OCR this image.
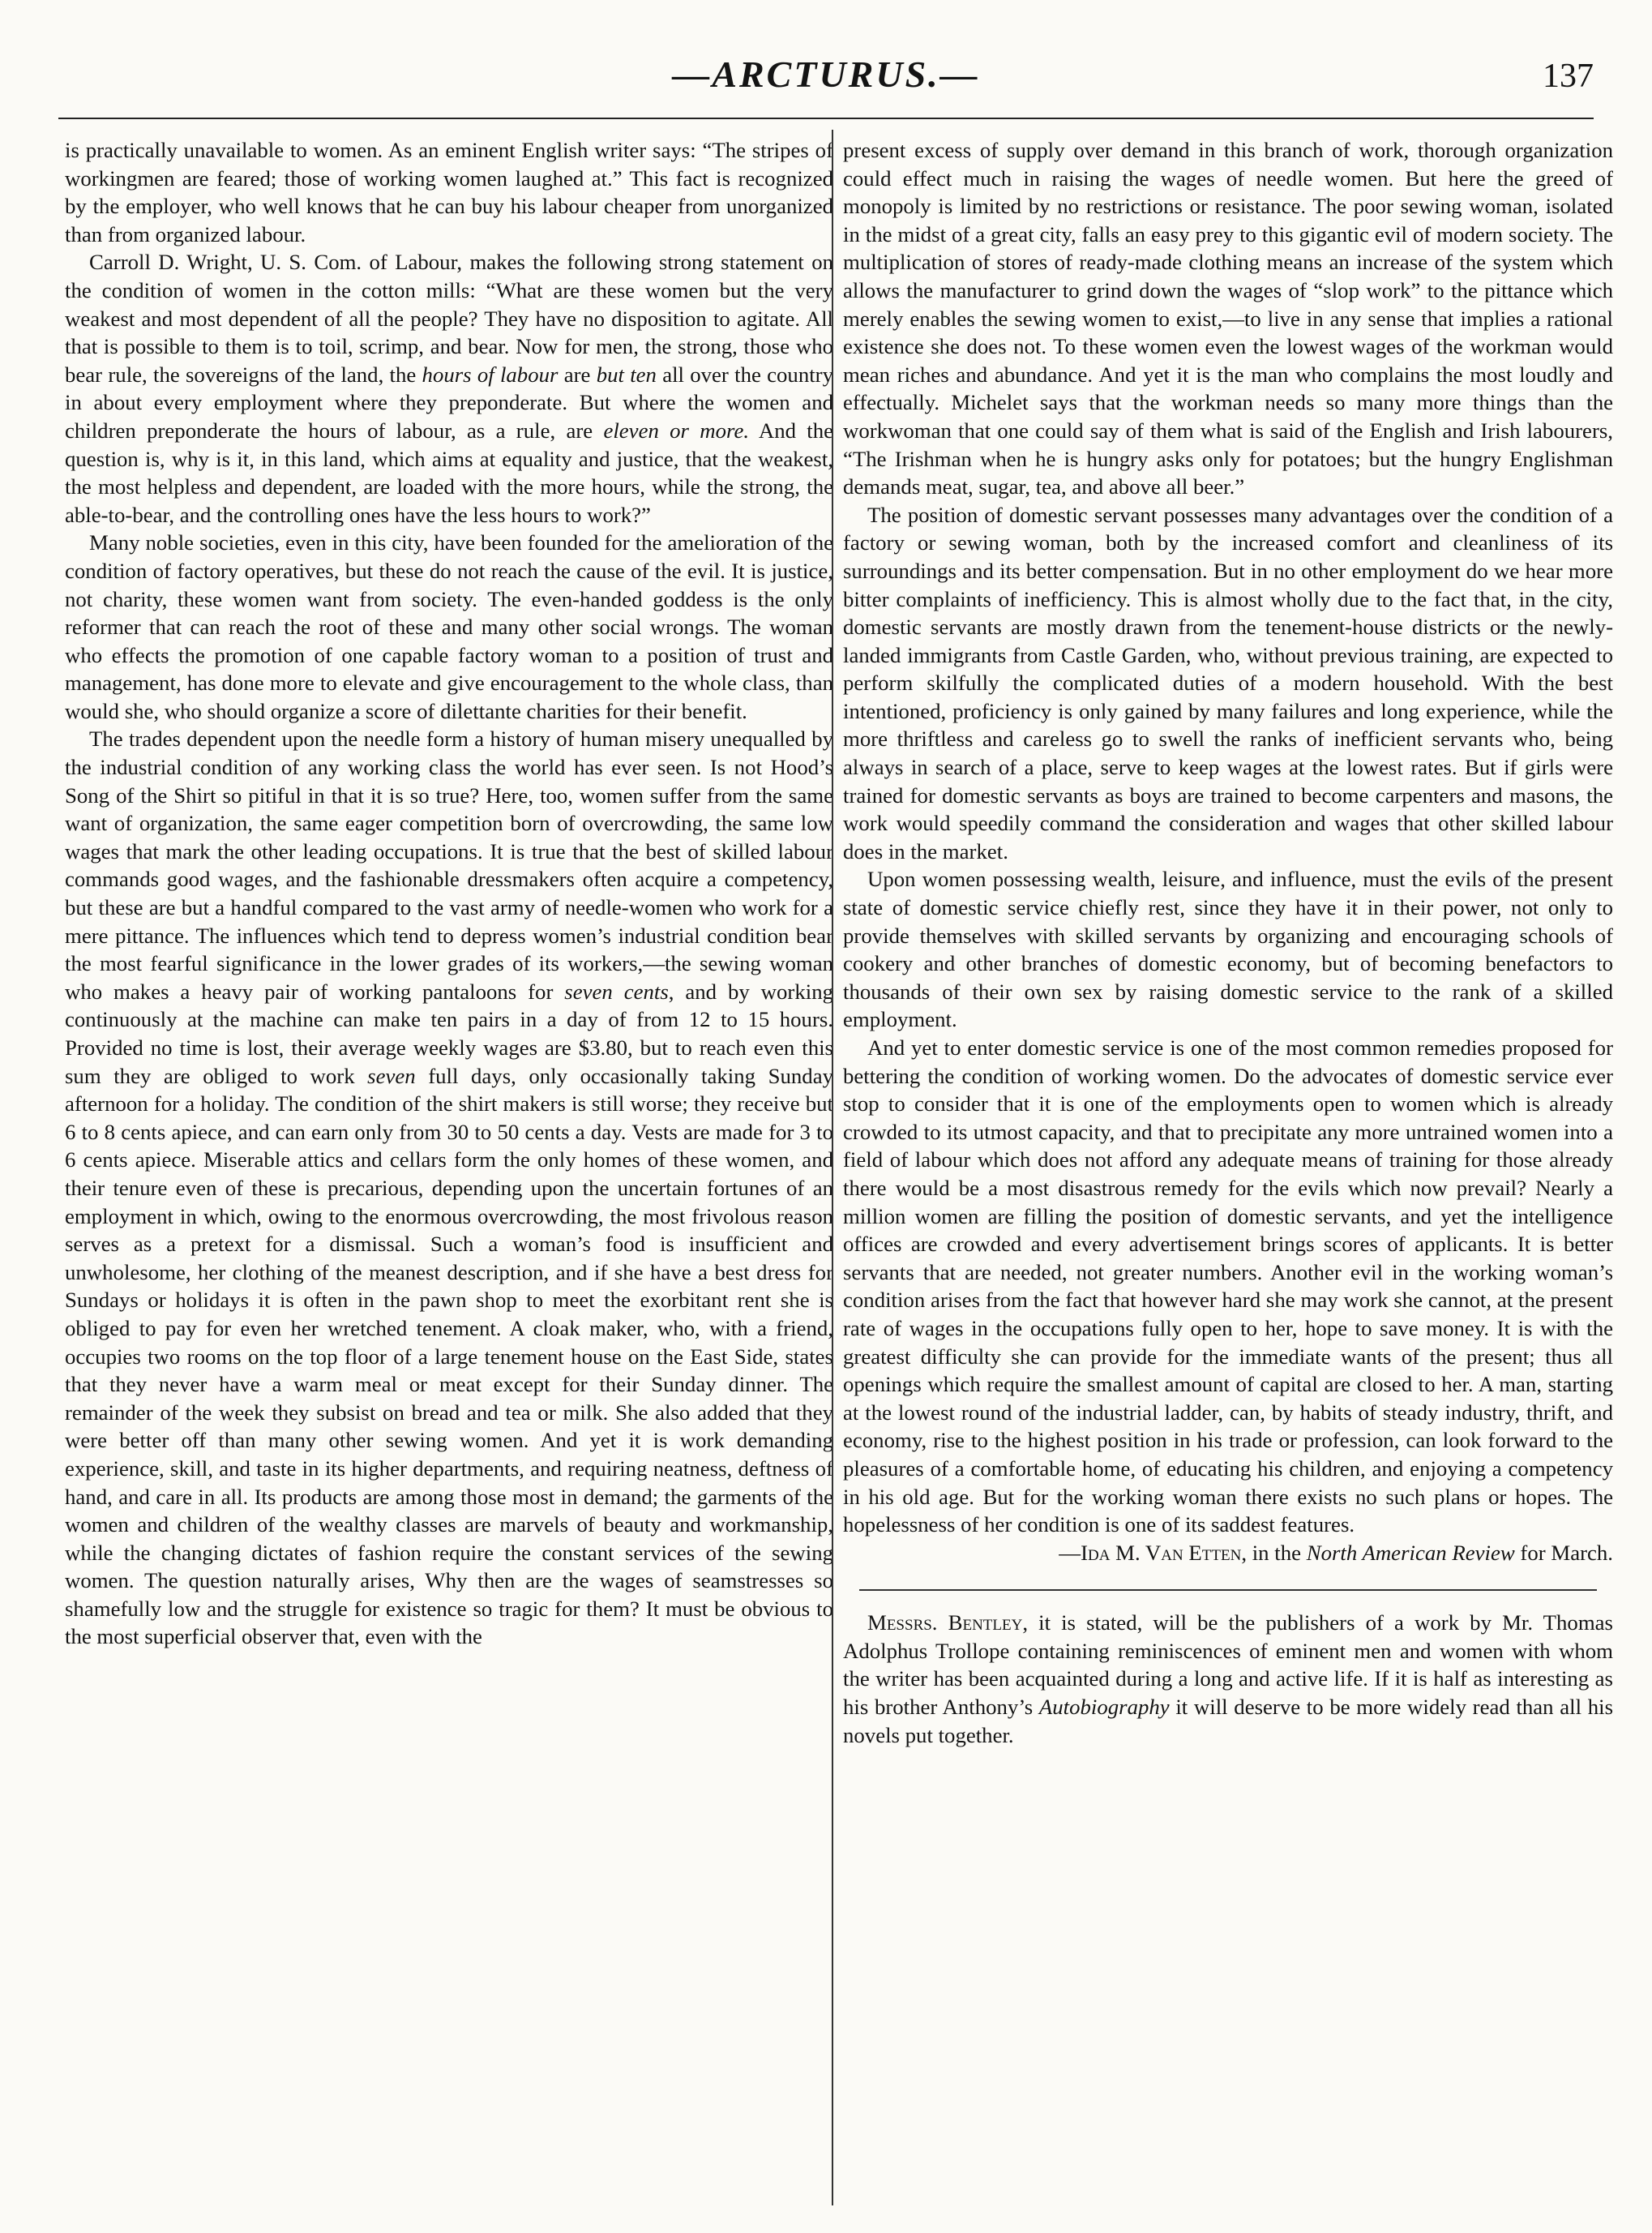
—ARCTURUS.—	137

is practically unavailable to women. As an eminent English writer says: “The stripes of workingmen are feared; those of working women laughed at.” This fact is recognized by the employer, who well knows that he can buy his labour cheaper from unorganized than from organized labour.

Carroll D. Wright, U. S. Com. of Labour, makes the following strong statement on the condition of women in the cotton mills: “What are these women but the very weakest and most dependent of all the people? They have no disposition to agitate. All that is possible to them is to toil, scrimp, and bear. Now for men, the strong, those who bear rule, the sovereigns of the land, the hours of labour are but ten all over the country in about every employment where they preponderate. But where the women and children preponderate the hours of labour, as a rule, are eleven or more. And the question is, why is it, in this land, which aims at equality and justice, that the weakest, the most helpless and dependent, are loaded with the more hours, while the strong, the able-to-bear, and the controlling ones have the less hours to work?”

Many noble societies, even in this city, have been founded for the amelioration of the condition of factory operatives, but these do not reach the cause of the evil. It is justice, not charity, these women want from society. The even-handed goddess is the only reformer that can reach the root of these and many other social wrongs. The woman who effects the promotion of one capable factory woman to a position of trust and management, has done more to elevate and give encouragement to the whole class, than would she, who should organize a score of dilettante charities for their benefit.

The trades dependent upon the needle form a history of human misery unequalled by the industrial condition of any working class the world has ever seen. Is not Hood’s Song of the Shirt so pitiful in that it is so true? Here, too, women suffer from the same want of organization, the same eager competition born of overcrowding, the same low wages that mark the other leading occupations. It is true that the best of skilled labour commands good wages, and the fashionable dressmakers often acquire a competency, but these are but a handful compared to the vast army of needle-women who work for a mere pittance. The influences which tend to depress women’s industrial condition bear the most fearful significance in the lower grades of its workers,—the sewing woman who makes a heavy pair of working pantaloons for seven cents, and by working continuously at the machine can make ten pairs in a day of from 12 to 15 hours. Provided no time is lost, their average weekly wages are $3.80, but to reach even this sum they are obliged to work seven full days, only occasionally taking Sunday afternoon for a holiday. The condition of the shirt makers is still worse; they receive but 6 to 8 cents apiece, and can earn only from 30 to 50 cents a day. Vests are made for 3 to 6 cents apiece. Miserable attics and cellars form the only homes of these women, and their tenure even of these is precarious, depending upon the uncertain fortunes of an employment in which, owing to the enormous overcrowding, the most frivolous reason serves as a pretext for a dismissal. Such a woman’s food is insufficient and unwholesome, her clothing of the meanest description, and if she have a best dress for Sundays or holidays it is often in the pawn shop to meet the exorbitant rent she is obliged to pay for even her wretched tenement. A cloak maker, who, with a friend, occupies two rooms on the top floor of a large tenement house on the East Side, states that they never have a warm meal or meat except for their Sunday dinner. The remainder of the week they subsist on bread and tea or milk. She also added that they were better off than many other sewing women. And yet it is work demanding experience, skill, and taste in its higher departments, and requiring neatness, deftness of hand, and care in all. Its products are among those most in demand; the garments of the women and children of the wealthy classes are marvels of beauty and workmanship, while the changing dictates of fashion require the constant services of the sewing women. The question naturally arises, Why then are the wages of seamstresses so shamefully low and the struggle for existence so tragic for them? It must be obvious to the most superficial observer that, even with the

present excess of supply over demand in this branch of work, thorough organization could effect much in raising the wages of needle women. But here the greed of monopoly is limited by no restrictions or resistance. The poor sewing woman, isolated in the midst of a great city, falls an easy prey to this gigantic evil of modern society. The multiplication of stores of ready-made clothing means an increase of the system which allows the manufacturer to grind down the wages of “slop work” to the pittance which merely enables the sewing women to exist,—to live in any sense that implies a rational existence she does not. To these women even the lowest wages of the workman would mean riches and abundance. And yet it is the man who complains the most loudly and effectually. Michelet says that the workman needs so many more things than the workwoman that one could say of them what is said of the English and Irish labourers, “The Irishman when he is hungry asks only for potatoes; but the hungry Englishman demands meat, sugar, tea, and above all beer.”

The position of domestic servant possesses many advantages over the condition of a factory or sewing woman, both by the increased comfort and cleanliness of its surroundings and its better compensation. But in no other employment do we hear more bitter complaints of inefficiency. This is almost wholly due to the fact that, in the city, domestic servants are mostly drawn from the tenement-house districts or the newly-landed immigrants from Castle Garden, who, without previous training, are expected to perform skilfully the complicated duties of a modern household. With the best intentioned, proficiency is only gained by many failures and long experience, while the more thriftless and careless go to swell the ranks of inefficient servants who, being always in search of a place, serve to keep wages at the lowest rates. But if girls were trained for domestic servants as boys are trained to become carpenters and masons, the work would speedily command the consideration and wages that other skilled labour does in the market.

Upon women possessing wealth, leisure, and influence, must the evils of the present state of domestic service chiefly rest, since they have it in their power, not only to provide themselves with skilled servants by organizing and encouraging schools of cookery and other branches of domestic economy, but of becoming benefactors to thousands of their own sex by raising domestic service to the rank of a skilled employment.

And yet to enter domestic service is one of the most common remedies proposed for bettering the condition of working women. Do the advocates of domestic service ever stop to consider that it is one of the employments open to women which is already crowded to its utmost capacity, and that to precipitate any more untrained women into a field of labour which does not afford any adequate means of training for those already there would be a most disastrous remedy for the evils which now prevail? Nearly a million women are filling the position of domestic servants, and yet the intelligence offices are crowded and every advertisement brings scores of applicants. It is better servants that are needed, not greater numbers. Another evil in the working woman’s condition arises from the fact that however hard she may work she cannot, at the present rate of wages in the occupations fully open to her, hope to save money. It is with the greatest difficulty she can provide for the immediate wants of the present; thus all openings which require the smallest amount of capital are closed to her. A man, starting at the lowest round of the industrial ladder, can, by habits of steady industry, thrift, and economy, rise to the highest position in his trade or profession, can look forward to the pleasures of a comfortable home, of educating his children, and enjoying a competency in his old age. But for the working woman there exists no such plans or hopes. The hopelessness of her condition is one of its saddest features.

—Ida M. Van Etten, in the North American Review for March.

Messrs. Bentley, it is stated, will be the publishers of a work by Mr. Thomas Adolphus Trollope containing reminiscences of eminent men and women with whom the writer has been acquainted during a long and active life. If it is half as interesting as his brother Anthony’s Autobiography it will deserve to be more widely read than all his novels put together.
